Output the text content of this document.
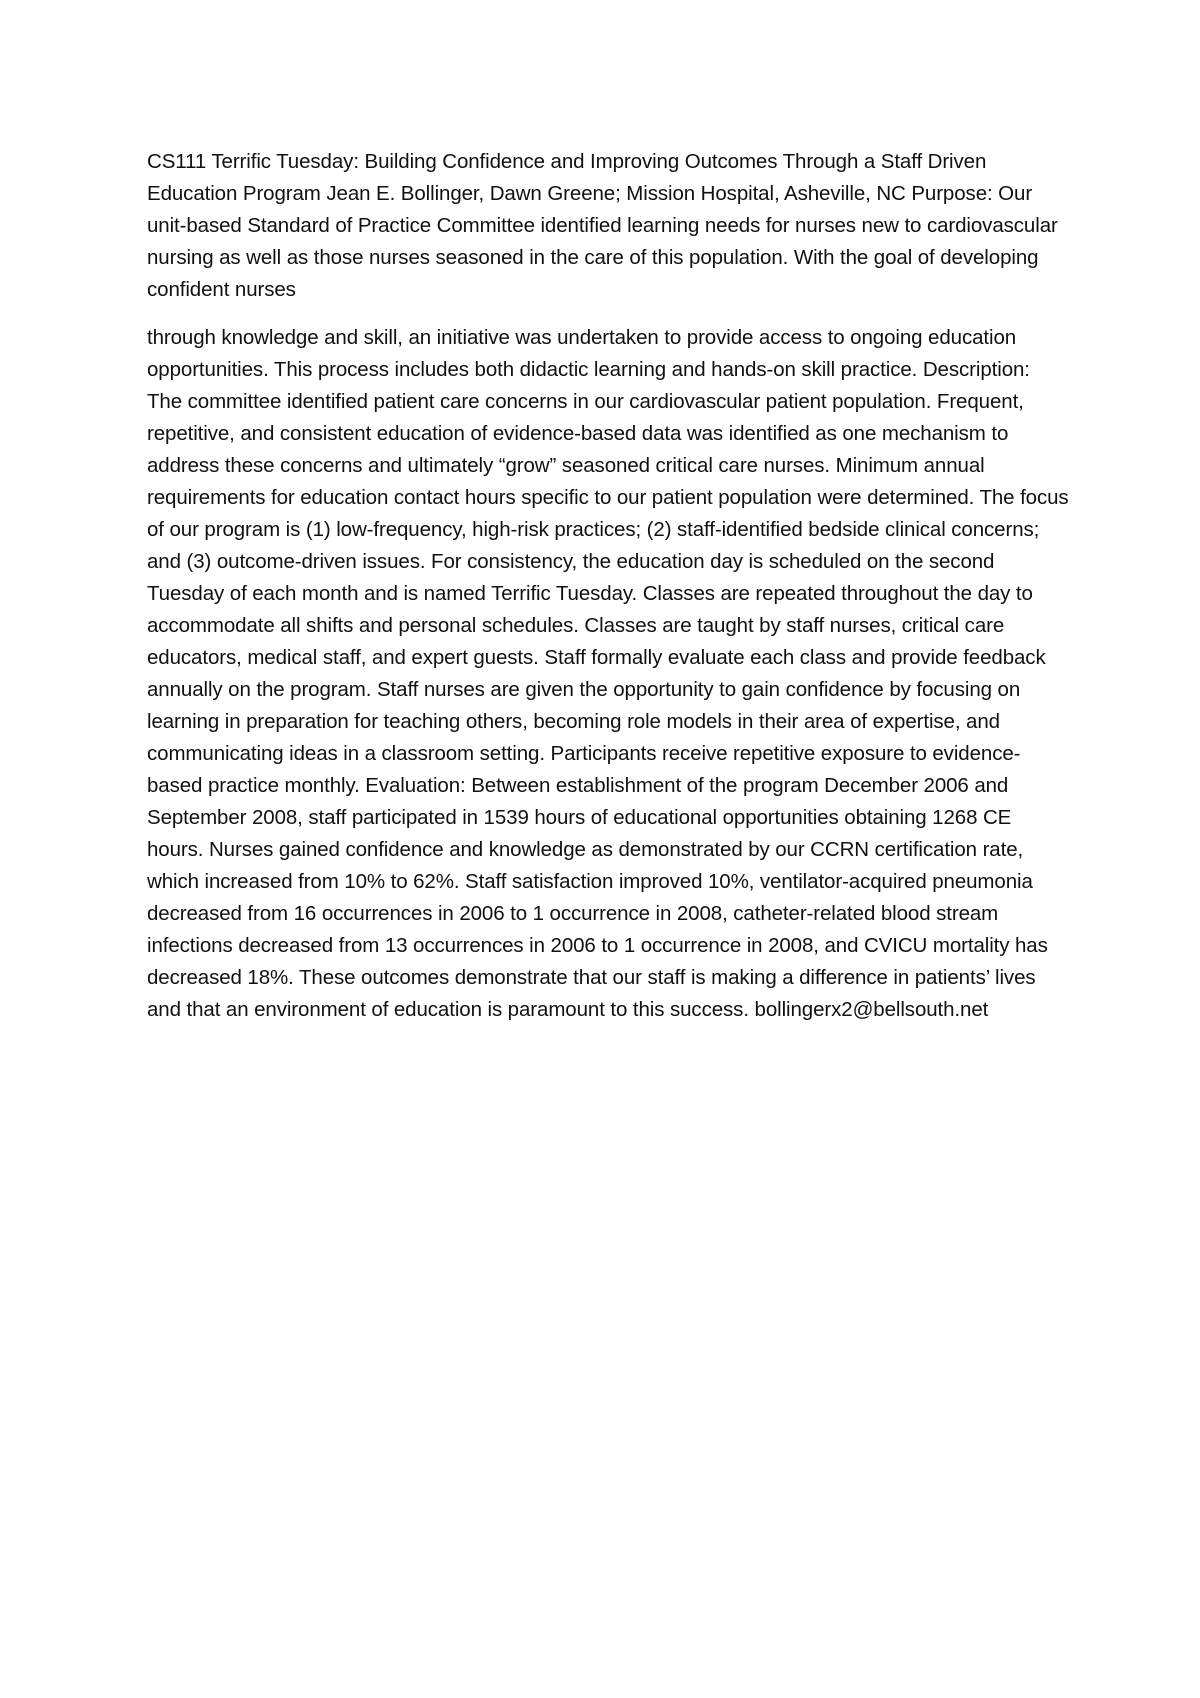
CS111 Terrific Tuesday: Building Confidence and Improving Outcomes Through a Staff Driven Education Program Jean E. Bollinger, Dawn Greene; Mission Hospital, Asheville, NC Purpose: Our unit-based Standard of Practice Committee identified learning needs for nurses new to cardiovascular nursing as well as those nurses seasoned in the care of this population. With the goal of developing confident nurses

through knowledge and skill, an initiative was undertaken to provide access to ongoing education opportunities. This process includes both didactic learning and hands-on skill practice. Description: The committee identified patient care concerns in our cardiovascular patient population. Frequent, repetitive, and consistent education of evidence-based data was identified as one mechanism to address these concerns and ultimately “grow” seasoned critical care nurses. Minimum annual requirements for education contact hours specific to our patient population were determined. The focus of our program is (1) low-frequency, high-risk practices; (2) staff-identified bedside clinical concerns; and (3) outcome-driven issues. For consistency, the education day is scheduled on the second Tuesday of each month and is named Terrific Tuesday. Classes are repeated throughout the day to accommodate all shifts and personal schedules. Classes are taught by staff nurses, critical care educators, medical staff, and expert guests. Staff formally evaluate each class and provide feedback annually on the program. Staff nurses are given the opportunity to gain confidence by focusing on learning in preparation for teaching others, becoming role models in their area of expertise, and communicating ideas in a classroom setting. Participants receive repetitive exposure to evidence-based practice monthly. Evaluation: Between establishment of the program December 2006 and September 2008, staff participated in 1539 hours of educational opportunities obtaining 1268 CE hours. Nurses gained confidence and knowledge as demonstrated by our CCRN certification rate, which increased from 10% to 62%. Staff satisfaction improved 10%, ventilator-acquired pneumonia decreased from 16 occurrences in 2006 to 1 occurrence in 2008, catheter-related blood stream infections decreased from 13 occurrences in 2006 to 1 occurrence in 2008, and CVICU mortality has decreased 18%. These outcomes demonstrate that our staff is making a difference in patients’ lives and that an environment of education is paramount to this success. bollingerx2@bellsouth.net
